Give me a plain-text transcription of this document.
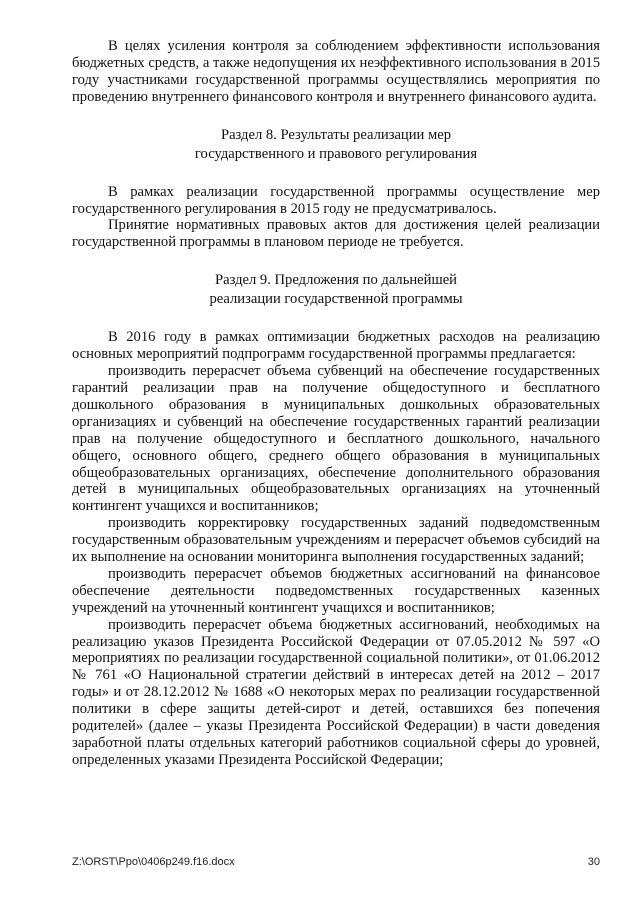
В целях усиления контроля за соблюдением эффективности использования бюджетных средств, а также недопущения их неэффективного использования в 2015 году участниками государственной программы осуществлялись мероприятия по проведению внутреннего финансового контроля и внутреннего финансового аудита.

Раздел 8. Результаты реализации мер
государственного и правового регулирования

В рамках реализации государственной программы осуществление мер государственного регулирования в 2015 году не предусматривалось.

Принятие нормативных правовых актов для достижения целей реализации государственной программы в плановом периоде не требуется.

Раздел 9. Предложения по дальнейшей
реализации государственной программы

В 2016 году в рамках оптимизации бюджетных расходов на реализацию основных мероприятий подпрограмм государственной программы предлагается:

производить перерасчет объема субвенций на обеспечение государственных гарантий реализации прав на получение общедоступного и бесплатного дошкольного образования в муниципальных дошкольных образовательных организациях и субвенций на обеспечение государственных гарантий реализации прав на получение общедоступного и бесплатного дошкольного, начального общего, основного общего, среднего общего образования в муниципальных общеобразовательных организациях, обеспечение дополнительного образования детей в муниципальных общеобразовательных организациях на уточненный контингент учащихся и воспитанников;

производить корректировку государственных заданий подведомственным государственным образовательным учреждениям и перерасчет объемов субсидий на их выполнение на основании мониторинга выполнения государственных заданий;

производить перерасчет объемов бюджетных ассигнований на финансовое обеспечение деятельности подведомственных государственных казенных учреждений на уточненный контингент учащихся и воспитанников;

производить перерасчет объема бюджетных ассигнований, необходимых на реализацию указов Президента Российской Федерации от 07.05.2012 № 597 «О мероприятиях по реализации государственной социальной политики», от 01.06.2012 № 761 «О Национальной стратегии действий в интересах детей на 2012 – 2017 годы» и от 28.12.2012 № 1688 «О некоторых мерах по реализации государственной политики в сфере защиты детей-сирот и детей, оставшихся без попечения родителей» (далее – указы Президента Российской Федерации) в части доведения заработной платы отдельных категорий работников социальной сферы до уровней, определенных указами Президента Российской Федерации;

Z:\ORST\Ppo\0406p249.f16.docx	30
